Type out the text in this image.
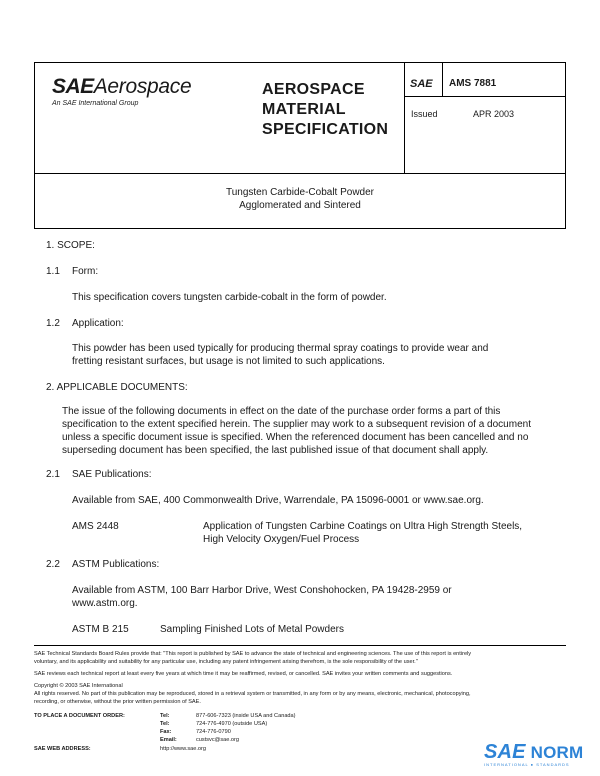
SAEAerospace
An SAE International Group
AEROSPACE
MATERIAL
SPECIFICATION
SAE AMS 7881
Issued	APR 2003
Tungsten Carbide-Cobalt Powder
Agglomerated and Sintered
1. SCOPE:
1.1 Form:
This specification covers tungsten carbide-cobalt in the form of powder.
1.2 Application:
This powder has been used typically for producing thermal spray coatings to provide wear and
fretting resistant surfaces, but usage is not limited to such applications.
2. APPLICABLE DOCUMENTS:
The issue of the following documents in effect on the date of the purchase order forms a part of this
specification to the extent specified herein. The supplier may work to a subsequent revision of a document
unless a specific document issue is specified. When the referenced document has been cancelled and no
superseding document has been specified, the last published issue of that document shall apply.
2.1 SAE Publications:
Available from SAE, 400 Commonwealth Drive, Warrendale, PA 15096-0001 or www.sae.org.
AMS 2448	Application of Tungsten Carbine Coatings on Ultra High Strength Steels,
High Velocity Oxygen/Fuel Process
2.2 ASTM Publications:
Available from ASTM, 100 Barr Harbor Drive, West Conshohocken, PA 19428-2959 or
www.astm.org.
ASTM B 215	Sampling Finished Lots of Metal Powders
SAE Technical Standards Board Rules provide that: "This report is published by SAE to advance the state of technical and engineering sciences. The use of this report is entirely
voluntary, and its applicability and suitability for any particular use, including any patent infringement arising therefrom, is the sole responsibility of the user."
SAE reviews each technical report at least every five years at which time it may be reaffirmed, revised, or cancelled. SAE invites your written comments and suggestions.
Copyright © 2003 SAE International
All rights reserved. No part of this publication may be reproduced, stored in a retrieval system or transmitted, in any form or by any means, electronic, mechanical, photocopying,
recording, or otherwise, without the prior written permission of SAE.
TO PLACE A DOCUMENT ORDER:	Tel:	877-606-7323 (inside USA and Canada)
Tel:	724-776-4970 (outside USA)
Fax:	724-776-0790
Email:	custsvc@sae.org
SAE WEB ADDRESS:	http://www.sae.org	SAE NORM
INTERNATIONAL ● STANDARDS
